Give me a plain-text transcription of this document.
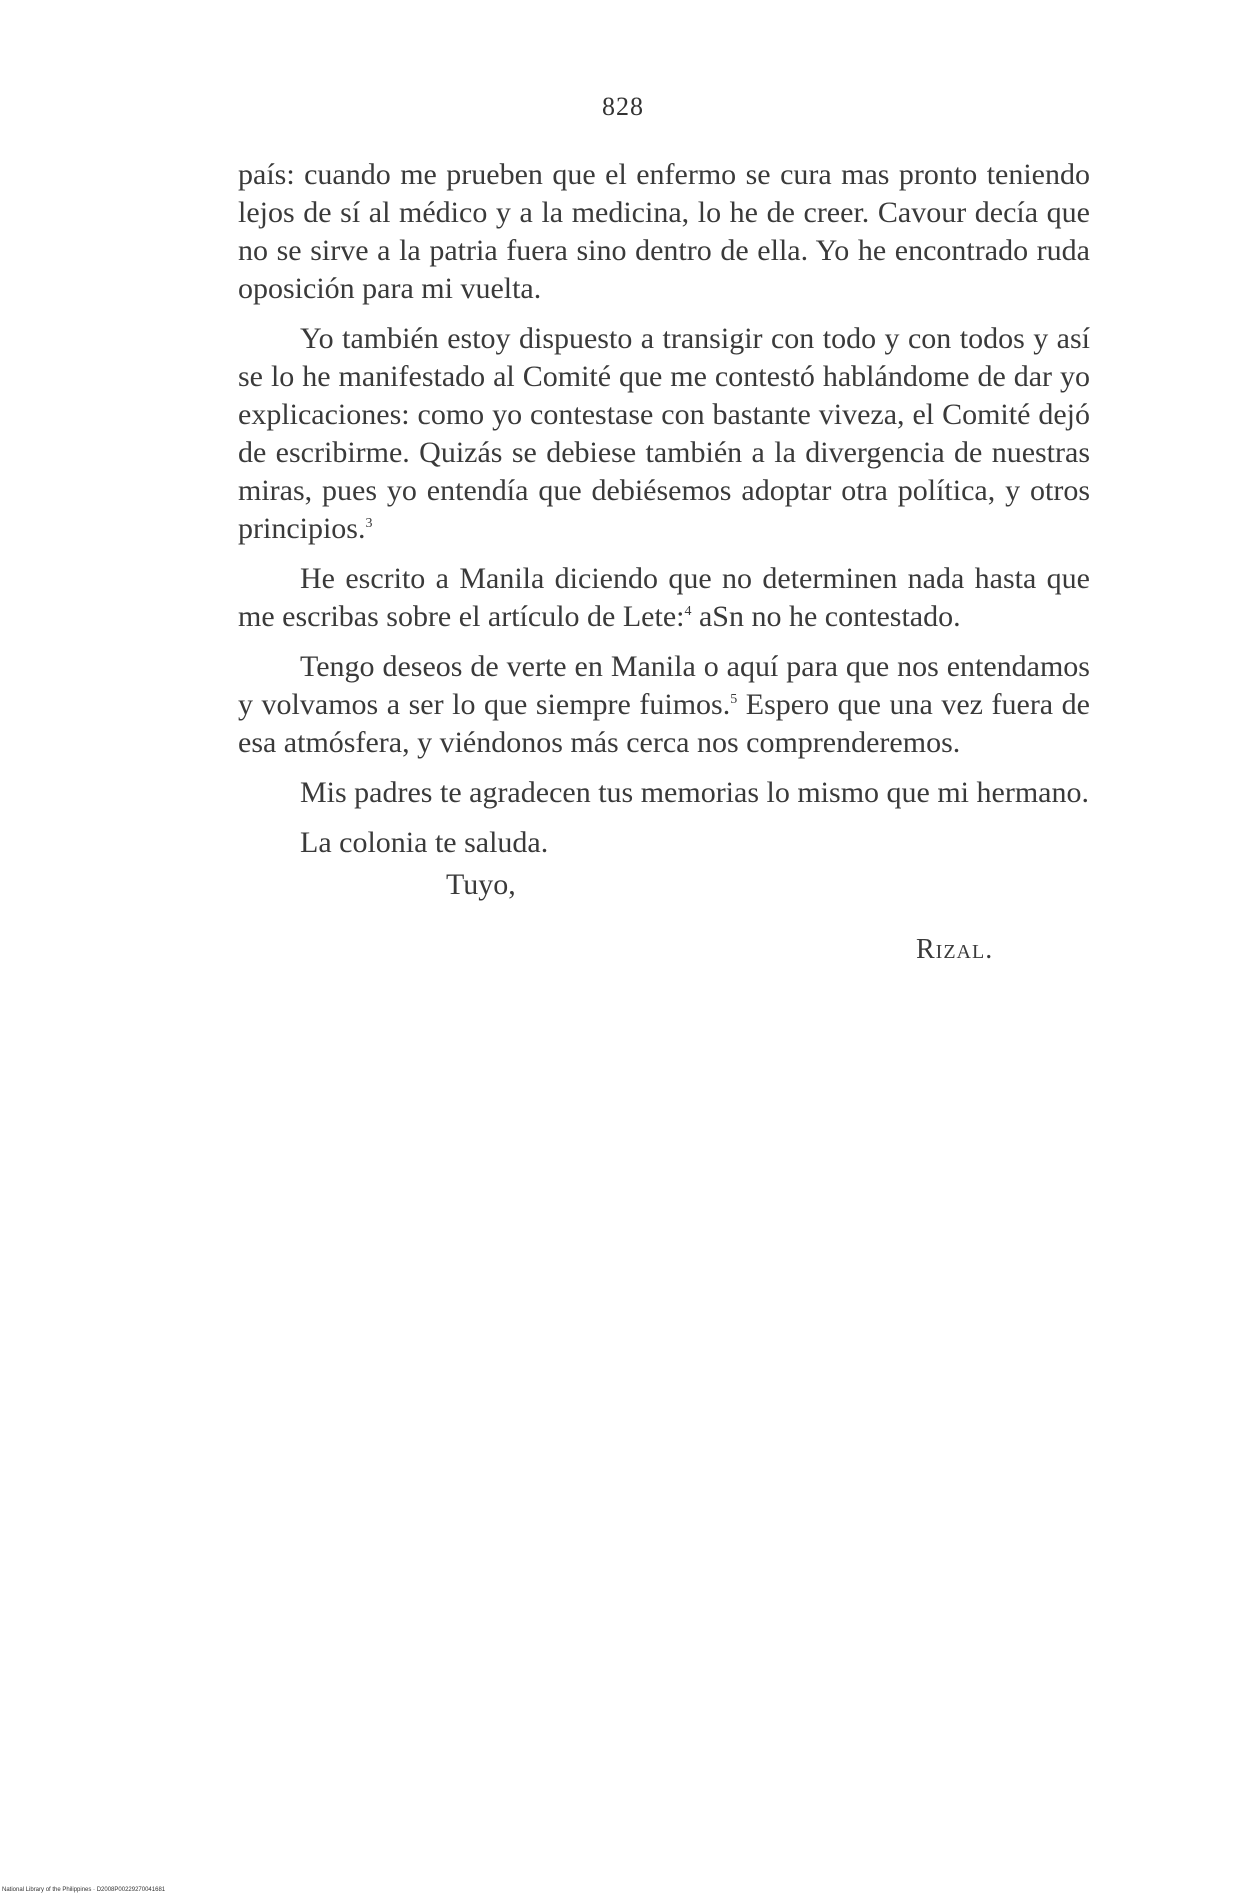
828

país: cuando me prueben que el enfermo se cura mas pronto teniendo lejos de sí al médico y a la medicina, lo he de creer. Cavour decía que no se sirve a la patria fuera sino dentro de ella. Yo he encontrado ruda oposición para mi vuelta.

Yo también estoy dispuesto a transigir con todo y con todos y así se lo he manifestado al Comité que me contestó hablándome de dar yo explicaciones: como yo contestase con bastante viveza, el Comité dejó de escribirme. Quizás se debiese también a la divergencia de nuestras miras, pues yo entendía que debiésemos adoptar otra política, y otros principios.$^3$

He escrito a Manila diciendo que no determinen nada hasta que me escribas sobre el artículo de Lete:$^4$ aSn no he contestado.

Tengo deseos de verte en Manila o aquí para que nos entendamos y volvamos a ser lo que siempre fuimos.$^5$ Espero que una vez fuera de esa atmósfera, y viéndonos más cerca nos comprenderemos.

Mis padres te agradecen tus memorias lo mismo que mi hermano.

La colonia te saluda.

Tuyo,
Rizal.
National Library of the Philippines · D2008P00229270041681
